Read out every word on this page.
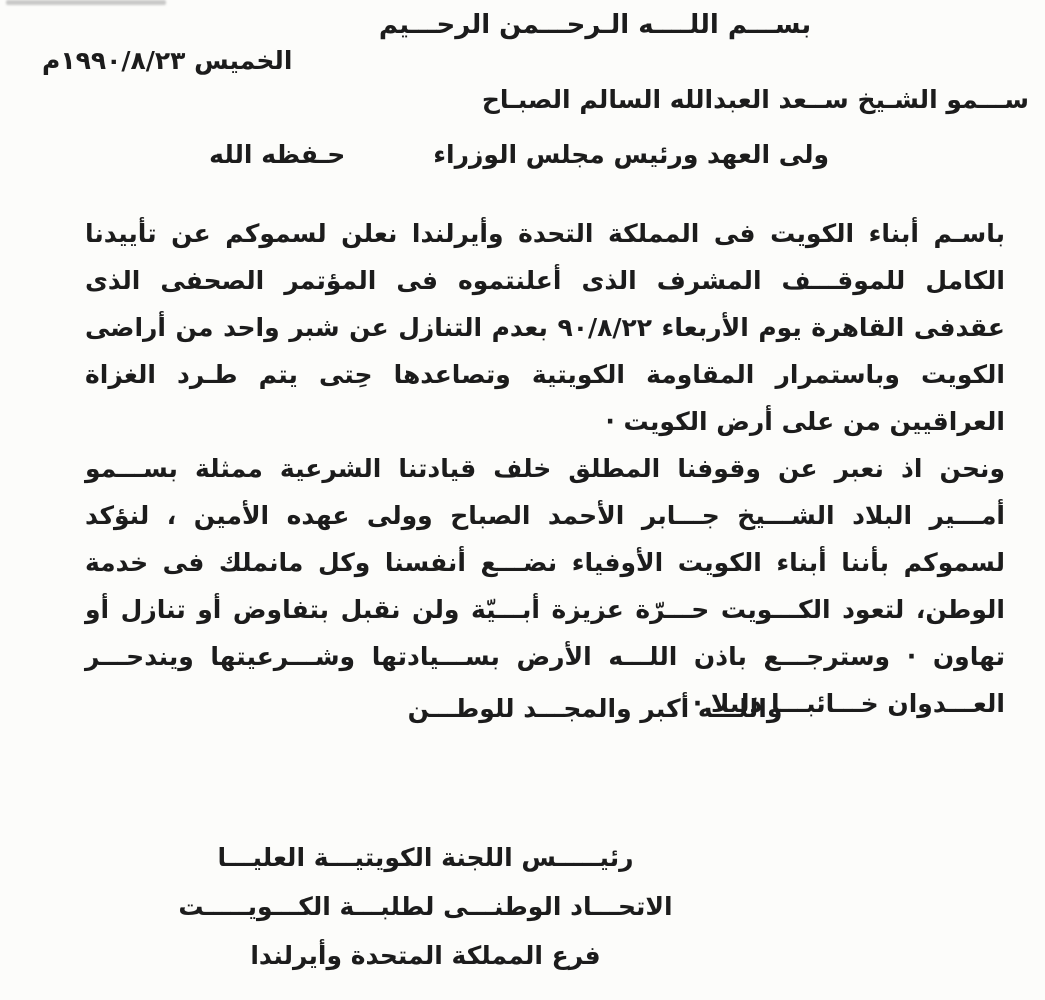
بســـم اللــــه الـرحـــمن الرحـــيم
الخميس ١٩٩٠/٨/٢٣م
ســـمو الشـيخ ســعد العبدالله السالم الصبـاح
ولى العهد ورئيس مجلس الوزراء
حـفظه الله

باسـم أبناء الكويت فى المملكة التحدة وأيرلندا نعلن لسموكم عن تأييدنا الكامل للموقـــف المشرف الذى أعلنتموه فى المؤتمر الصحفى الذى عقدفى القاهرة يوم الأربعاء ٩٠/٨/٢٢ بعدم التنازل عن شبر واحد من أراضى الكويت وباستمرار المقاومة الكويتية وتصاعدها حِتى يتم طـرد الغزاة العراقيين من على أرض الكويت ·

ونحن اذ نعبر عن وقوفنا المطلق خلف قيادتنا الشرعية ممثلة بســـمو أمـــير البلاد الشـــيخ جـــابر الأحمد الصباح وولى عهده الأمين ، لنؤكد لسموكم بأننا أبناء الكويت الأوفياء نضـــع أنفسنا وكل مانملك فى خدمة الوطن، لتعود الكـــويت حـــرّة عزيزة أبـــيّة ولن نقبل بتفاوض أو تنازل أو تهاون · وسترجـــع باذن اللـــه الأرض بســـيادتها وشـــرعيتها ويندحـــر العـــدوان خـــائبـــا ذليلا ·

واللـــه أكبر والمجـــد للوطـــن
رئيـــــس اللجنة الكويتيـــة العليـــا
الاتحـــاد الوطنـــى لطلبـــة الكـــويـــــت
فرع المملكة المتحدة وأيرلندا
